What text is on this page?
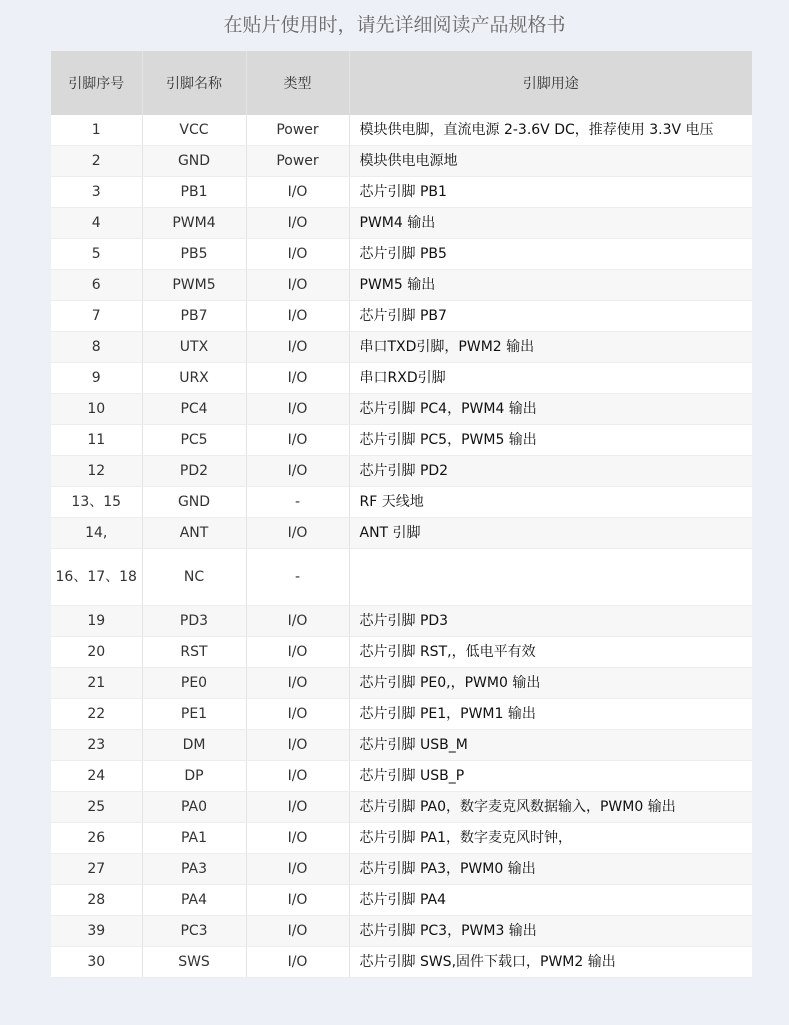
在贴片使用时，请先详细阅读产品规格书
引脚序号	引脚名称	类型	引脚用途
1	VCC	Power	模块供电脚，直流电源 2-3.6V DC，推荐使用 3.3V 电压
2	GND	Power	模块供电电源地
3	PB1	I/O	芯片引脚 PB1
4	PWM4	I/O	PWM4 输出
5	PB5	I/O	芯片引脚 PB5
6	PWM5	I/O	PWM5 输出
7	PB7	I/O	芯片引脚 PB7
8	UTX	I/O	串口TXD引脚，PWM2 输出
9	URX	I/O	串口RXD引脚
10	PC4	I/O	芯片引脚 PC4，PWM4 输出
11	PC5	I/O	芯片引脚 PC5，PWM5 输出
12	PD2	I/O	芯片引脚 PD2
13、15	GND	-	RF 天线地
14,	ANT	I/O	ANT 引脚
16、17、18	NC	-	
19	PD3	I/O	芯片引脚 PD3
20	RST	I/O	芯片引脚 RST,，低电平有效
21	PE0	I/O	芯片引脚 PE0,，PWM0 输出
22	PE1	I/O	芯片引脚 PE1，PWM1 输出
23	DM	I/O	芯片引脚 USB_M
24	DP	I/O	芯片引脚 USB_P
25	PA0	I/O	芯片引脚 PA0，数字麦克风数据输入，PWM0 输出
26	PA1	I/O	芯片引脚 PA1，数字麦克风时钟，
27	PA3	I/O	芯片引脚 PA3，PWM0 输出
28	PA4	I/O	芯片引脚 PA4
39	PC3	I/O	芯片引脚 PC3，PWM3 输出
30	SWS	I/O	芯片引脚 SWS,固件下载口，PWM2 输出
